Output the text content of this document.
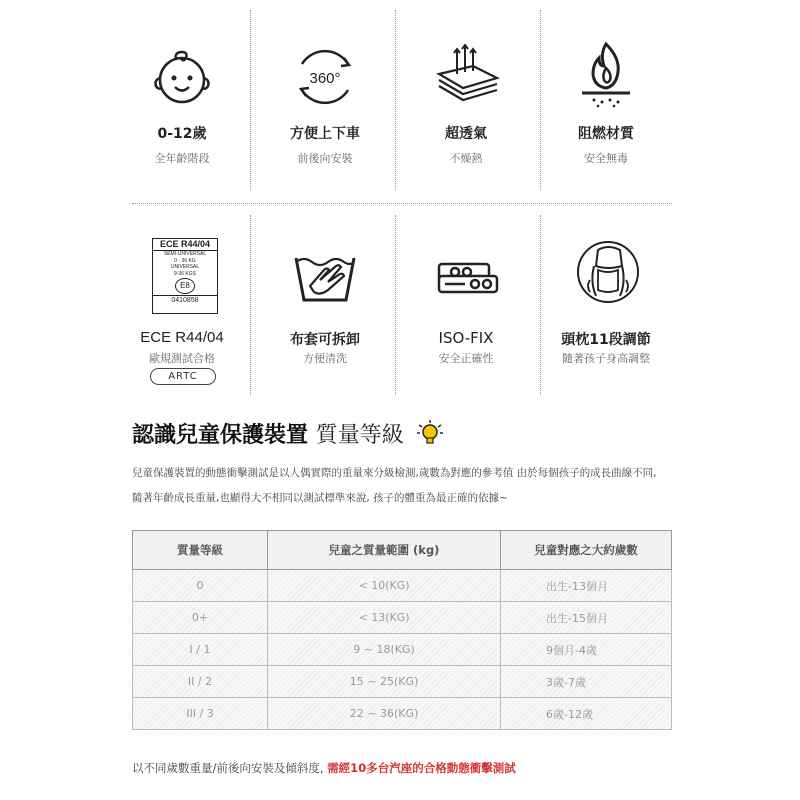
360°
0-12歲
全年齡階段
方便上下車
前後向安裝
超透氣
不燥熱
阻燃材質
安全無毒
ECE R44/04
SEMI-UNIVERSAL
0 - 36 KG
UNIVERSAL
9-36 KGS
E8
0410858
ECE R44/04
歐規測試合格
ARTC
布套可拆卸
方便清洗
ISO-FIX
安全正確性
頭枕11段調節
隨著孩子身高調整
認識兒童保護裝置 質量等級
兒童保護裝置的動態衝擊測試是以人偶實際的重量來分級檢測,歲數為對應的參考值 由於每個孩子的成長曲線不同,
隨著年齡成長重量,也顯得大不相同以測試標準來說, 孩子的體重為最正確的依據~
質量等級	兒童之質量範圍 (kg)	兒童對應之大約歲數
0	< 10(KG)	出生-13個月
0+	< 13(KG)	出生-15個月
I / 1	9 ~ 18(KG)	9個月-4歲
II / 2	15 ~ 25(KG)	3歲-7歲
III / 3	22 ~ 36(KG)	6歲-12歲
以不同歲數重量/前後向安裝及傾斜度, 需經10多台汽座的合格動態衝擊測試
